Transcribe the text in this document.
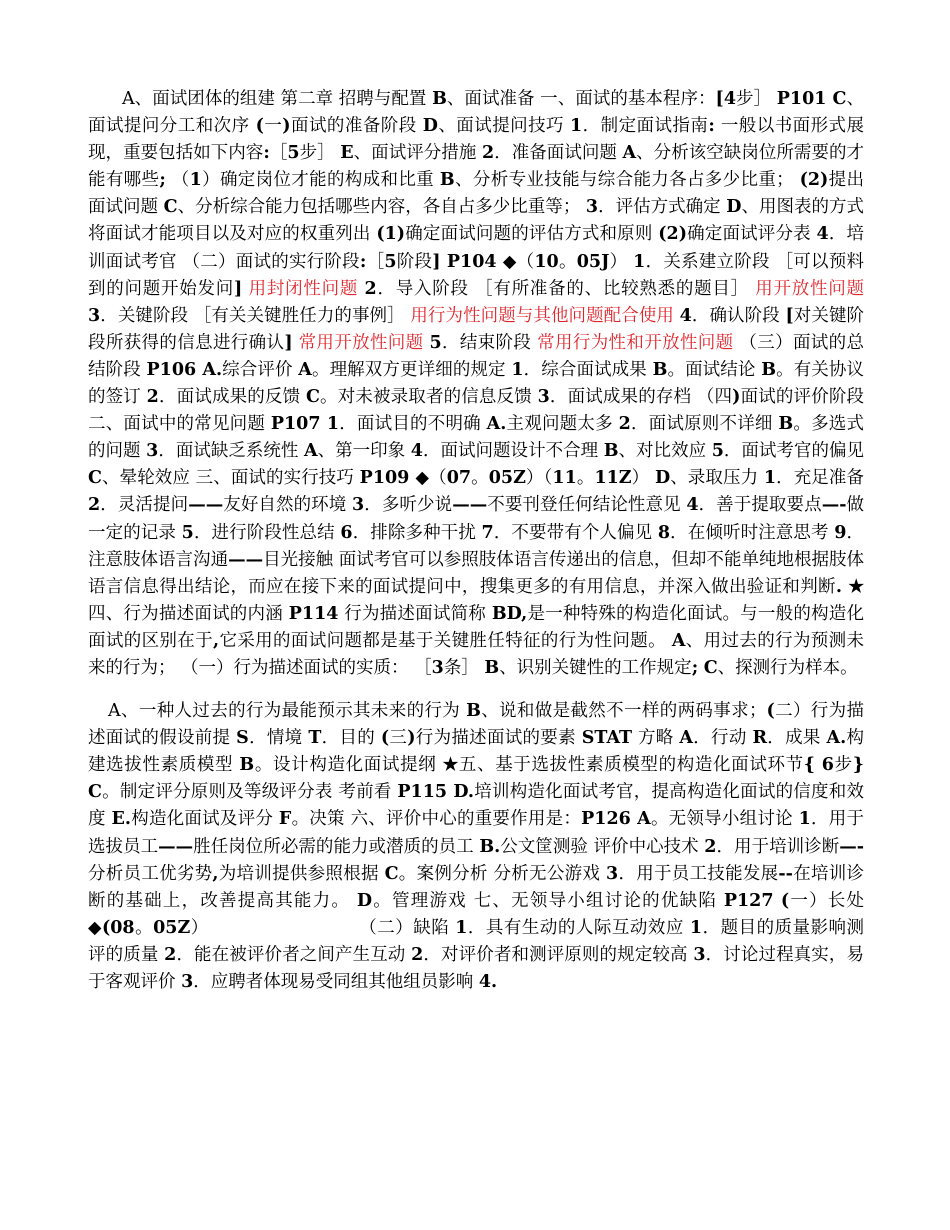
A、面试团体的组建 第二章 招聘与配置 B、面试准备 一、面试的基本程序：[4步］ P101 C、面试提问分工和次序 (一)面试的准备阶段 D、面试提问技巧 1．制定面试指南: 一般以书面形式展现，重要包括如下内容:［5步］ E、面试评分措施 2．准备面试问题 A、分析该空缺岗位所需要的才能有哪些; （1）确定岗位才能的构成和比重 B、分析专业技能与综合能力各占多少比重； (2)提出面试问题 C、分析综合能力包括哪些内容，各自占多少比重等； 3．评估方式确定 D、用图表的方式将面试才能项目以及对应的权重列出 (1)确定面试问题的评估方式和原则 (2)确定面试评分表 4．培训面试考官 （二）面试的实行阶段:［5阶段] P104 ◆（10。05J） 1．关系建立阶段 ［可以预料到的问题开始发问] 用封闭性问题 2．导入阶段 ［有所准备的、比较熟悉的题目］ 用开放性问题 3．关键阶段 ［有关关键胜任力的事例］ 用行为性问题与其他问题配合使用 4．确认阶段 [对关键阶段所获得的信息进行确认] 常用开放性问题 5．结束阶段 常用行为性和开放性问题 （三）面试的总结阶段 P106 A.综合评价 A。理解双方更详细的规定 1．综合面试成果 B。面试结论 B。有关协议的签订 2．面试成果的反馈 C。对未被录取者的信息反馈 3．面试成果的存档 （四)面试的评价阶段 二、面试中的常见问题 P107 1．面试目的不明确 A.主观问题太多 2．面试原则不详细 B。多选式的问题 3．面试缺乏系统性 A、第一印象 4．面试问题设计不合理 B、对比效应 5．面试考官的偏见 C、晕轮效应 三、面试的实行技巧 P109 ◆（07。05Z）（11。11Z） D、录取压力 1．充足准备 2．灵活提问——友好自然的环境 3．多听少说——不要刊登任何结论性意见 4．善于提取要点—-做一定的记录 5．进行阶段性总结 6．排除多种干扰 7．不要带有个人偏见 8．在倾听时注意思考 9．注意肢体语言沟通——目光接触 面试考官可以参照肢体语言传递出的信息，但却不能单纯地根据肢体语言信息得出结论，而应在接下来的面试提问中，搜集更多的有用信息，并深入做出验证和判断. ★四、行为描述面试的内涵 P114 行为描述面试简称 BD,是一种特殊的构造化面试。与一般的构造化面试的区别在于,它采用的面试问题都是基于关键胜任特征的行为性问题。 A、用过去的行为预测未来的行为； （一）行为描述面试的实质： ［3条］ B、识别关键性的工作规定; C、探测行为样本。

A、一种人过去的行为最能预示其未来的行为 B、说和做是截然不一样的两码事求；(二）行为描述面试的假设前提 S．情境 T．目的 (三)行为描述面试的要素 STAT 方略 A．行动 R．成果 A.构建选拔性素质模型 B。设计构造化面试提纲 ★五、基于选拔性素质模型的构造化面试环节{ 6步} C。制定评分原则及等级评分表 考前看 P115 D.培训构造化面试考官，提高构造化面试的信度和效度 E.构造化面试及评分 F。决策 六、评价中心的重要作用是：P126 A。无领导小组讨论 1．用于选拔员工——胜任岗位所必需的能力或潜质的员工 B.公文筐测验 评价中心技术 2．用于培训诊断—-分析员工优劣势,为培训提供参照根据 C。案例分析 分析无公游戏 3．用于员工技能发展--在培训诊断的基础上，改善提高其能力。 D。管理游戏 七、无领导小组讨论的优缺陷 P127 (一）长处◆(08。05Z）	（二）缺陷 1．具有生动的人际互动效应 1．题目的质量影响测评的质量 2．能在被评价者之间产生互动 2．对评价者和测评原则的规定较高 3．讨论过程真实，易于客观评价 3．应聘者体现易受同组其他组员影响 4.
